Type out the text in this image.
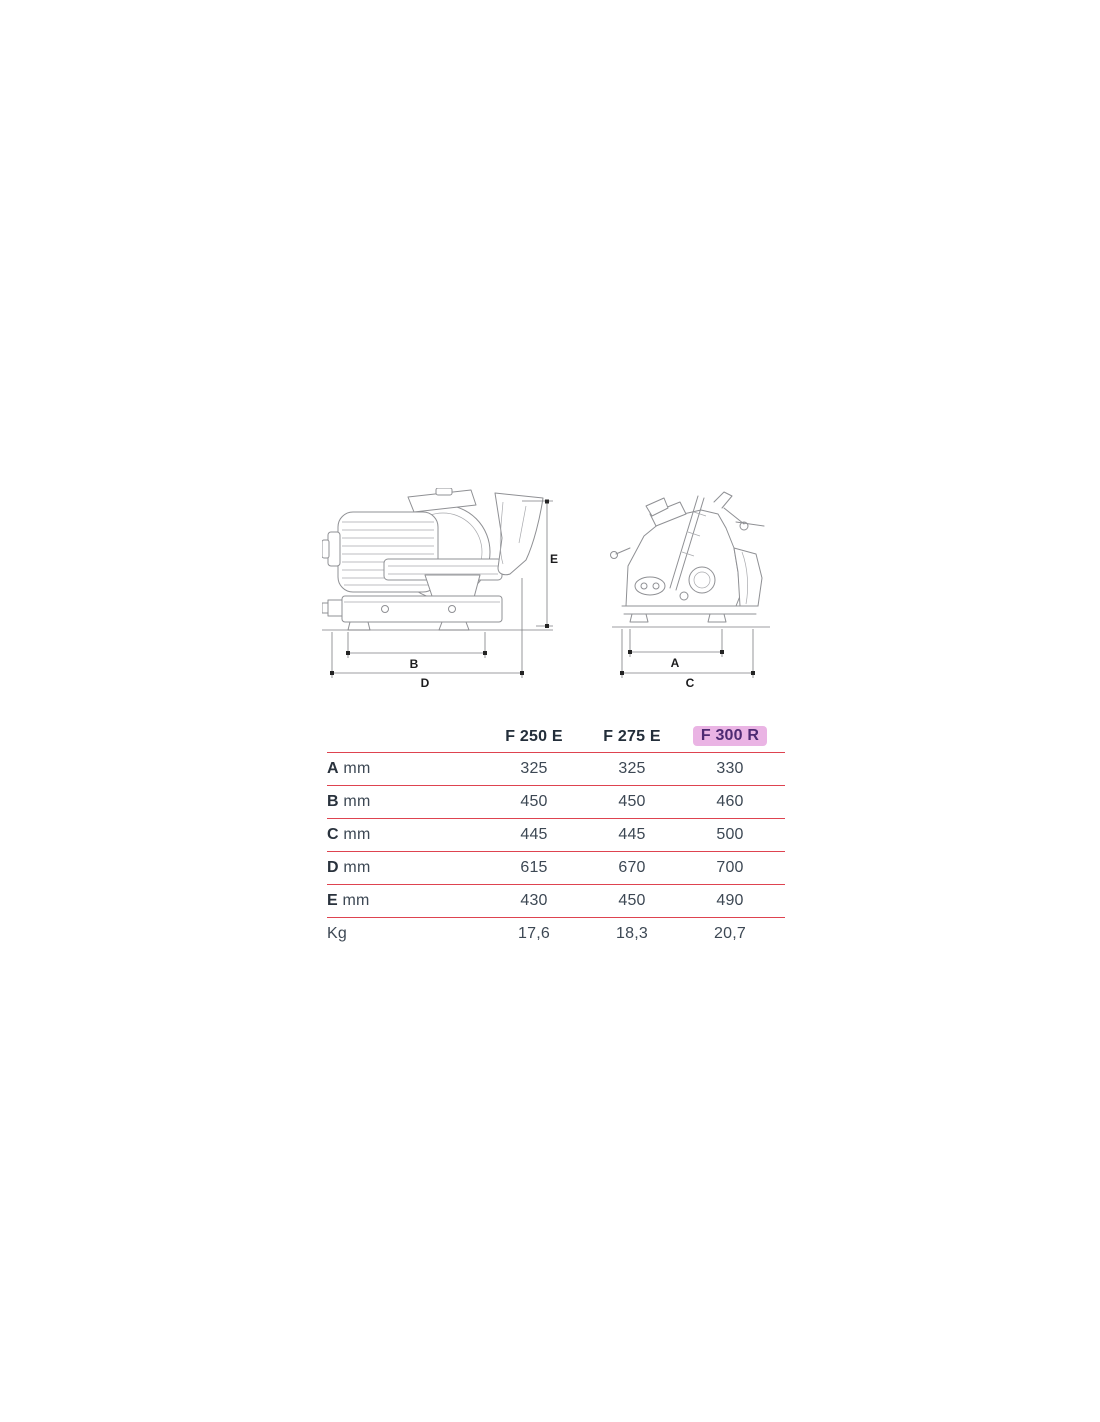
E
B
D
A
C
F 250 E	F 275 E	F 300 R
A mm	325	325	330
B mm	450	450	460
C mm	445	445	500
D mm	615	670	700
E mm	430	450	490
Kg	17,6	18,3	20,7
